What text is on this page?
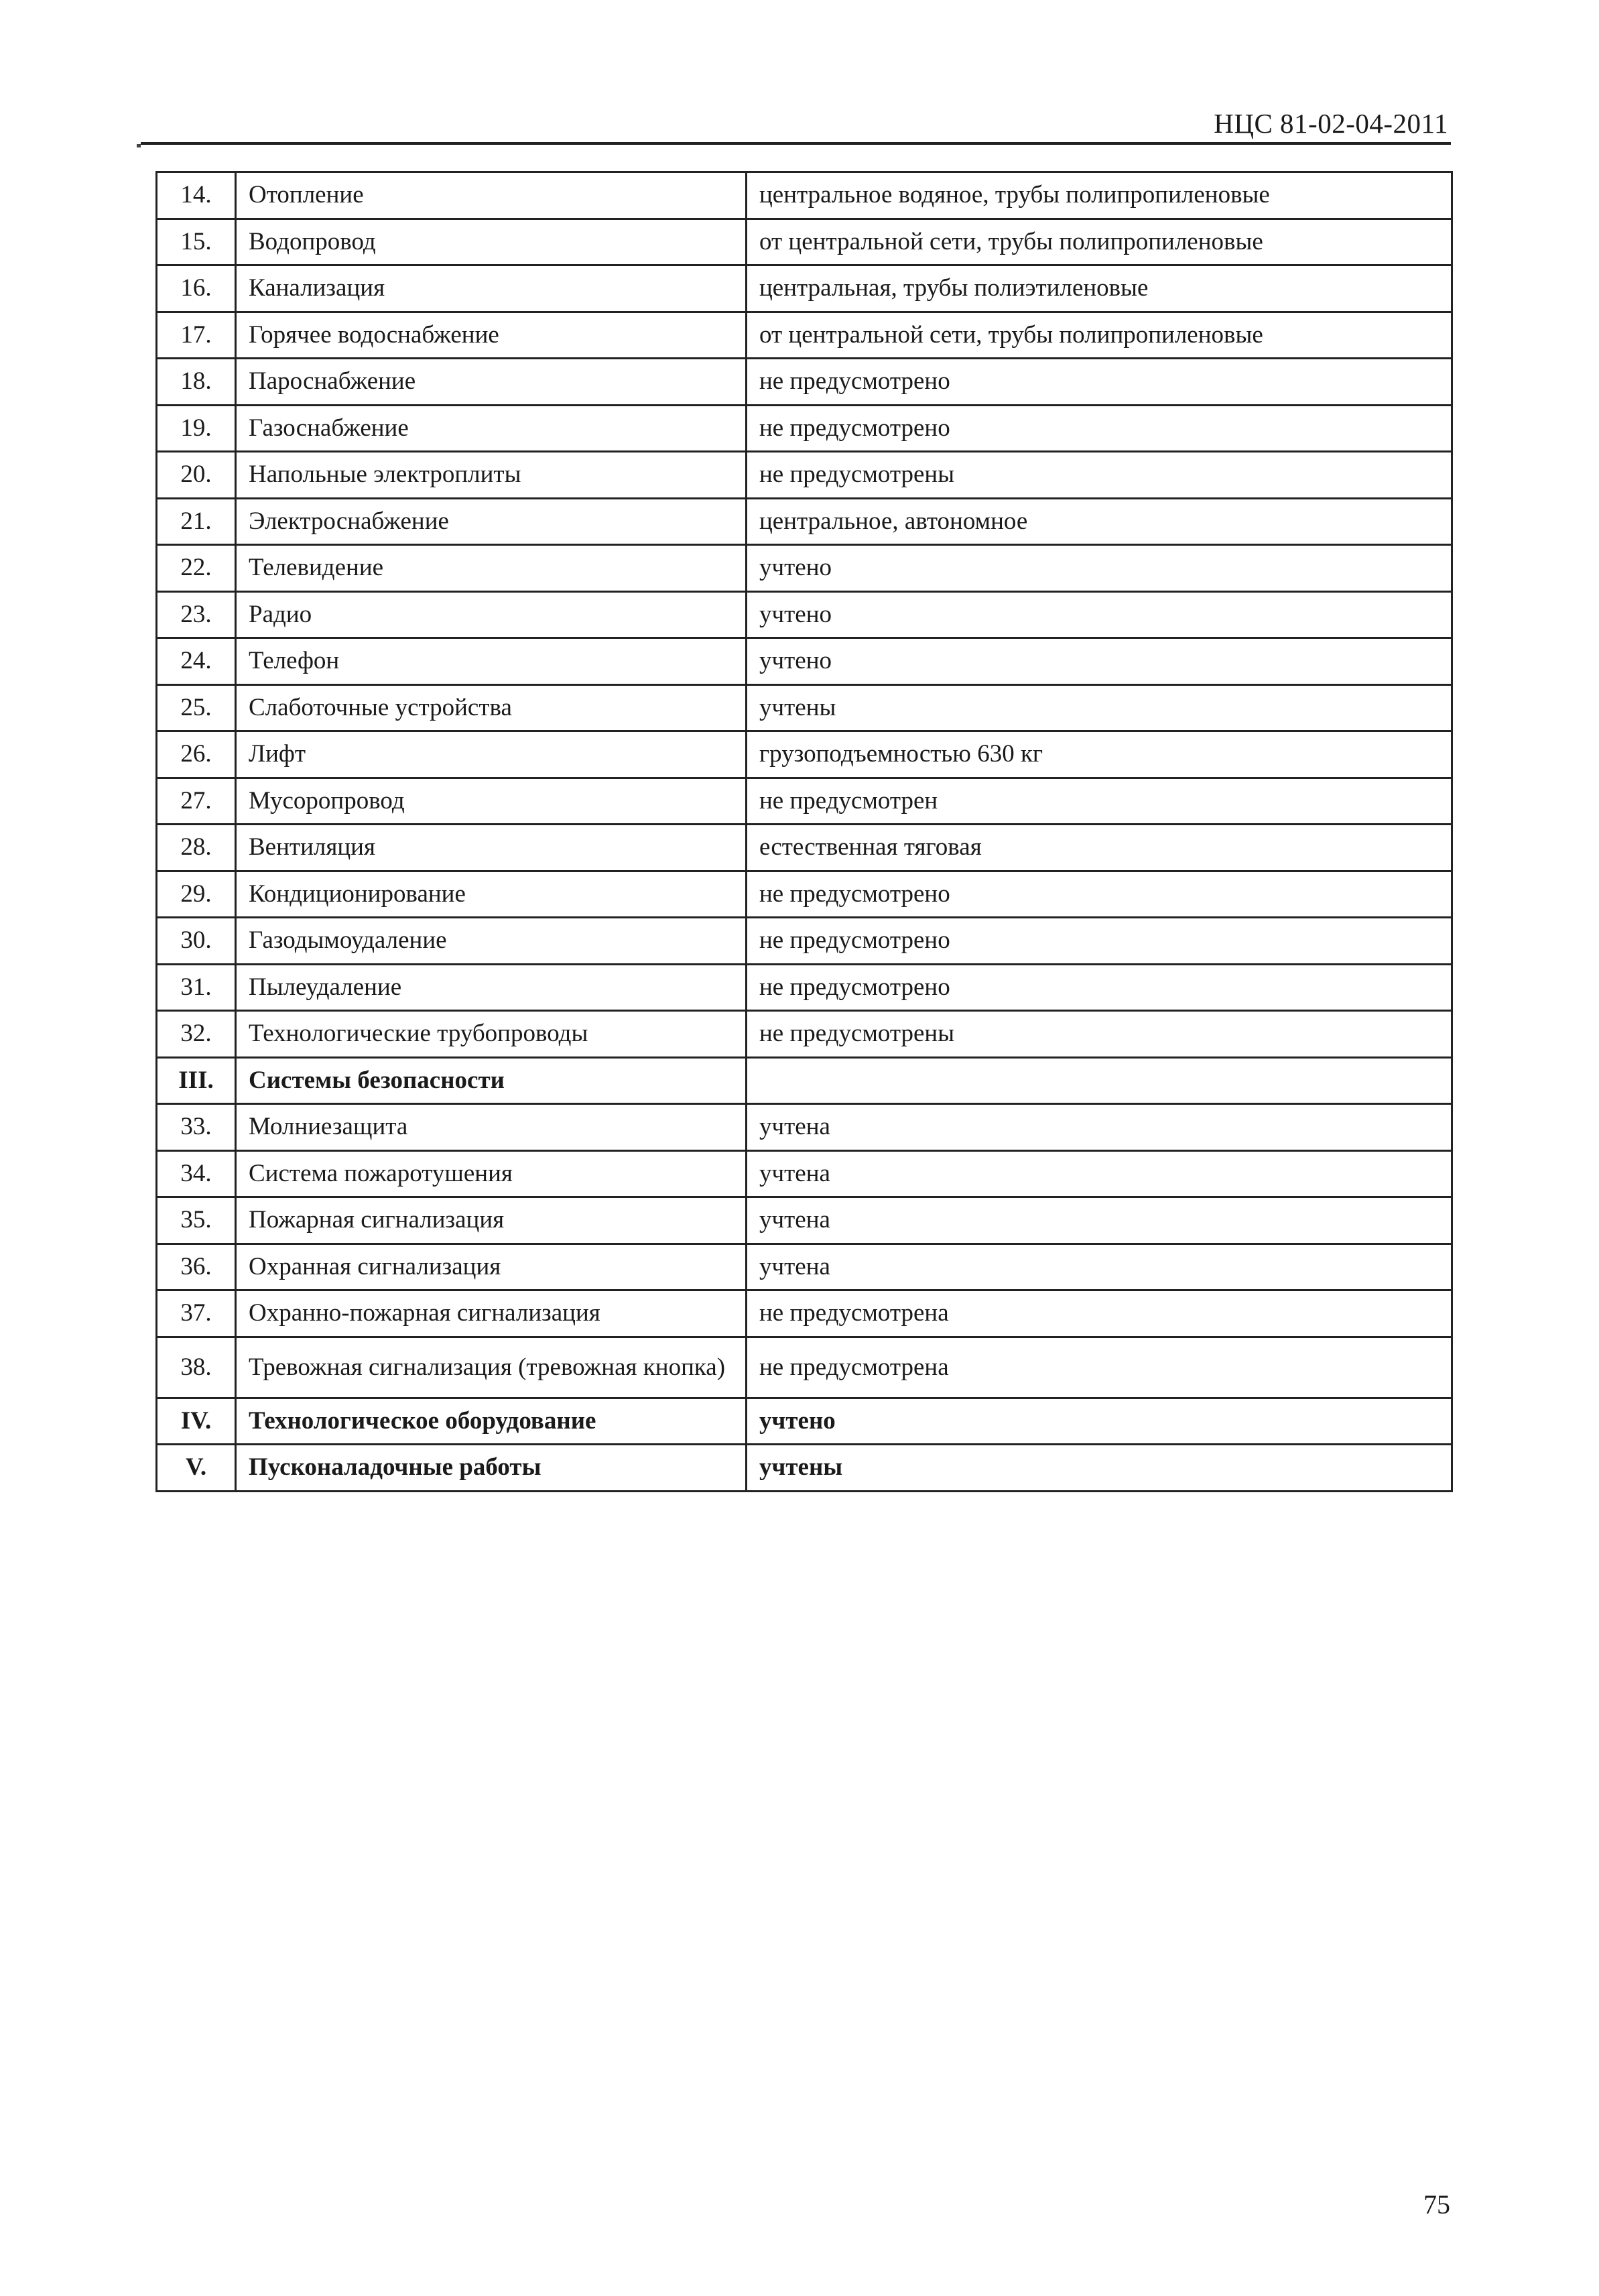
НЦС 81-02-04-2011
14.	Отопление	центральное водяное, трубы полипропиленовые
15.	Водопровод	от центральной сети, трубы полипропиленовые
16.	Канализация	центральная, трубы полиэтиленовые
17.	Горячее водоснабжение	от центральной сети, трубы полипропиленовые
18.	Пароснабжение	не предусмотрено
19.	Газоснабжение	не предусмотрено
20.	Напольные электроплиты	не предусмотрены
21.	Электроснабжение	центральное, автономное
22.	Телевидение	учтено
23.	Радио	учтено
24.	Телефон	учтено
25.	Слаботочные устройства	учтены
26.	Лифт	грузоподъемностью 630 кг
27.	Мусоропровод	не предусмотрен
28.	Вентиляция	естественная тяговая
29.	Кондиционирование	не предусмотрено
30.	Газодымоудаление	не предусмотрено
31.	Пылеудаление	не предусмотрено
32.	Технологические трубопроводы	не предусмотрены
III.	Системы безопасности	
33.	Молниезащита	учтена
34.	Система пожаротушения	учтена
35.	Пожарная сигнализация	учтена
36.	Охранная сигнализация	учтена
37.	Охранно-пожарная сигнализация	не предусмотрена
38.	Тревожная сигнализация (тревожная кнопка)	не предусмотрена
IV.	Технологическое оборудование	учтено
V.	Пусконаладочные работы	учтены
75
